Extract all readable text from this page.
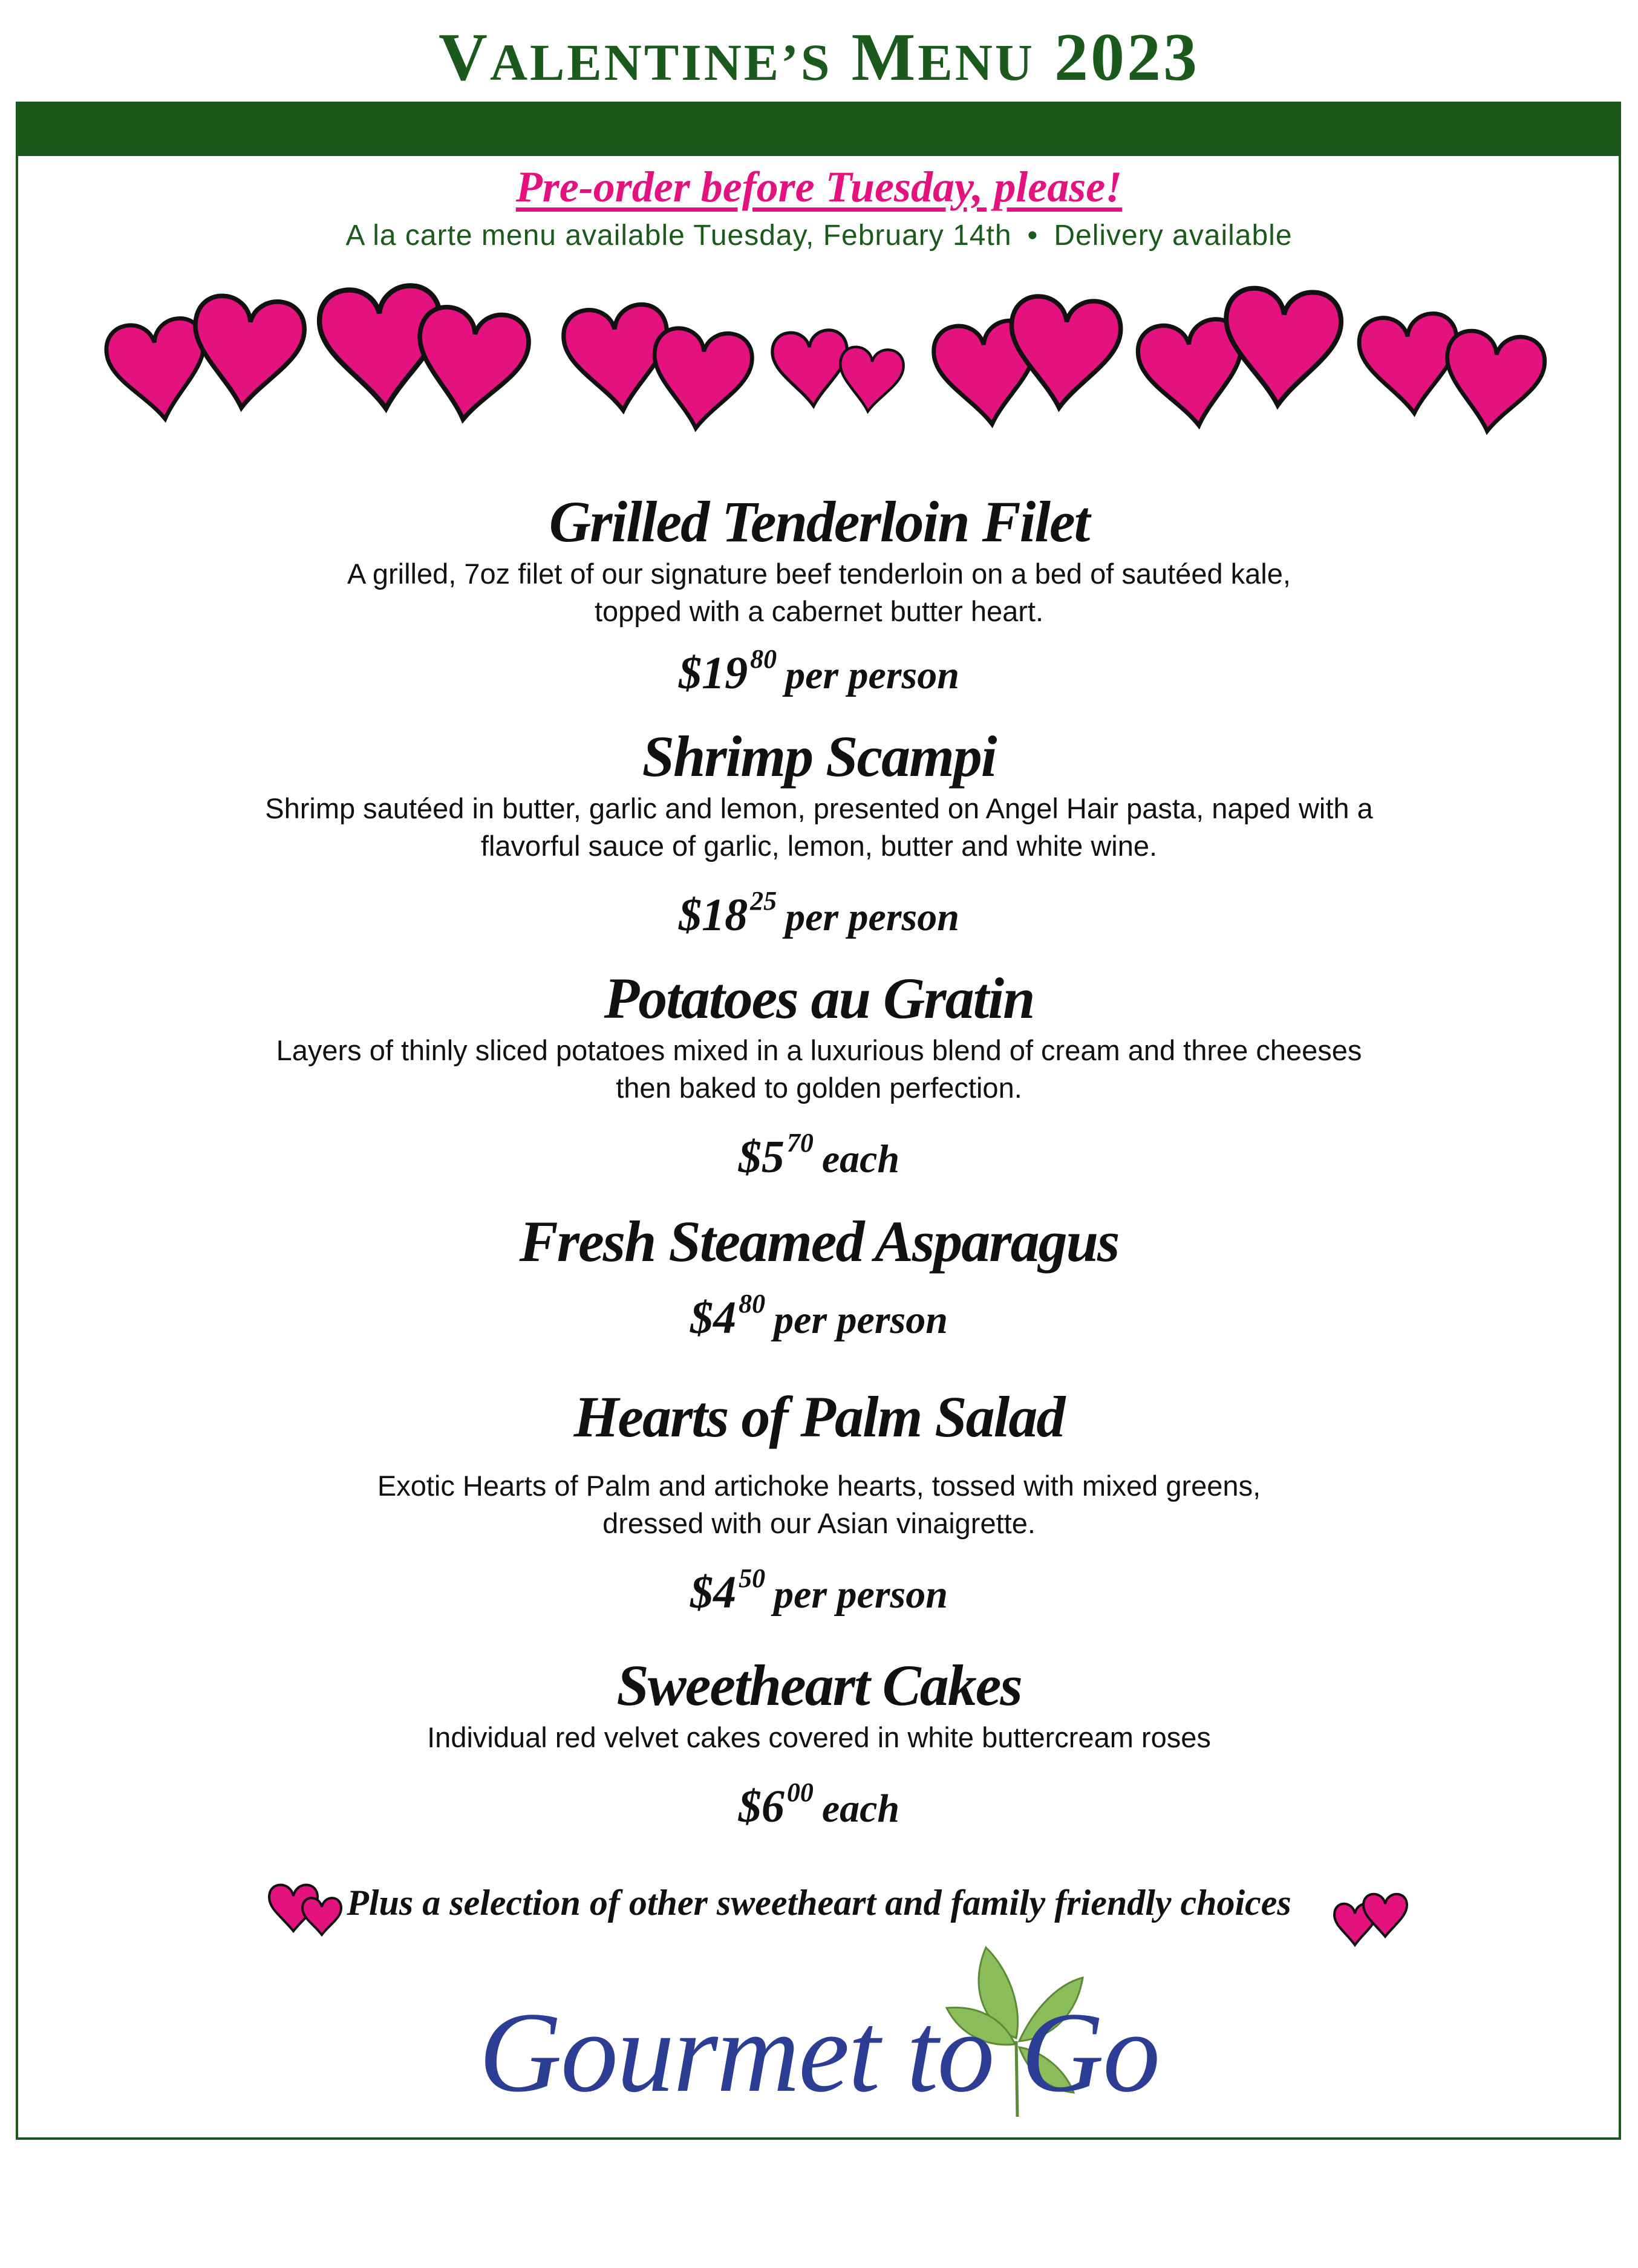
VALENTINE’S MENU 2023
Pre-order before Tuesday, please!
A la carte menu available Tuesday, February 14th • Delivery available
Grilled Tenderloin Filet
A grilled, 7oz filet of our signature beef tenderloin on a bed of sautéed kale,
topped with a cabernet butter heart.
$\$19^{80}$ per person
Shrimp Scampi
Shrimp sautéed in butter, garlic and lemon, presented on Angel Hair pasta, naped with a
flavorful sauce of garlic, lemon, butter and white wine.
$\$18^{25}$ per person
Potatoes au Gratin
Layers of thinly sliced potatoes mixed in a luxurious blend of cream and three cheeses
then baked to golden perfection.
$\$5^{70}$ each
Fresh Steamed Asparagus
$\$4^{80}$ per person
Hearts of Palm Salad
Exotic Hearts of Palm and artichoke hearts, tossed with mixed greens,
dressed with our Asian vinaigrette.
$\$4^{50}$ per person
Sweetheart Cakes
Individual red velvet cakes covered in white buttercream roses
$\$6^{00}$ each
Plus a selection of other sweetheart and family friendly choices
Gourmet to Go
